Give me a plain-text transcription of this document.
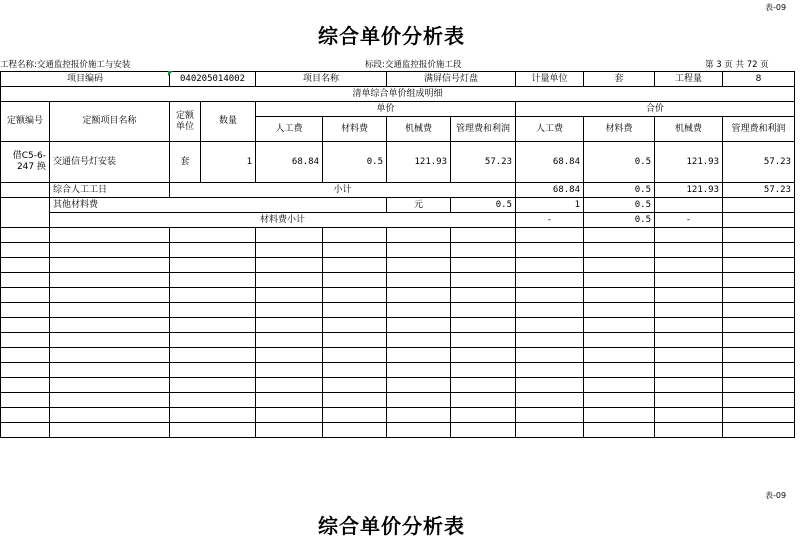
表-09
综合单价分析表
工程名称:交通监控报价施工与安装	标段:交通监控报价施工段	第 3 页 共 72 页
项目编码		040205014002		项目名称		满屏信号灯盘		计量单位	套	工程量	8
清单综合单价组成明细											
定额编号	定额项目名称	定额单位	数量	单价				合价			
				人工费	材料费	机械费	管理费和利润	人工费	材料费	机械费	管理费和利润
借C5-6-247 换	交通信号灯安装	套	1	68.84	0.5	121.93	57.23	68.84	0.5	121.93	57.23
	综合人工工日	小计						68.84	0.5	121.93	57.23
	其他材料费					元	0.5	1	0.5		
	材料费小计							-	0.5	-	

表-09
综合单价分析表
